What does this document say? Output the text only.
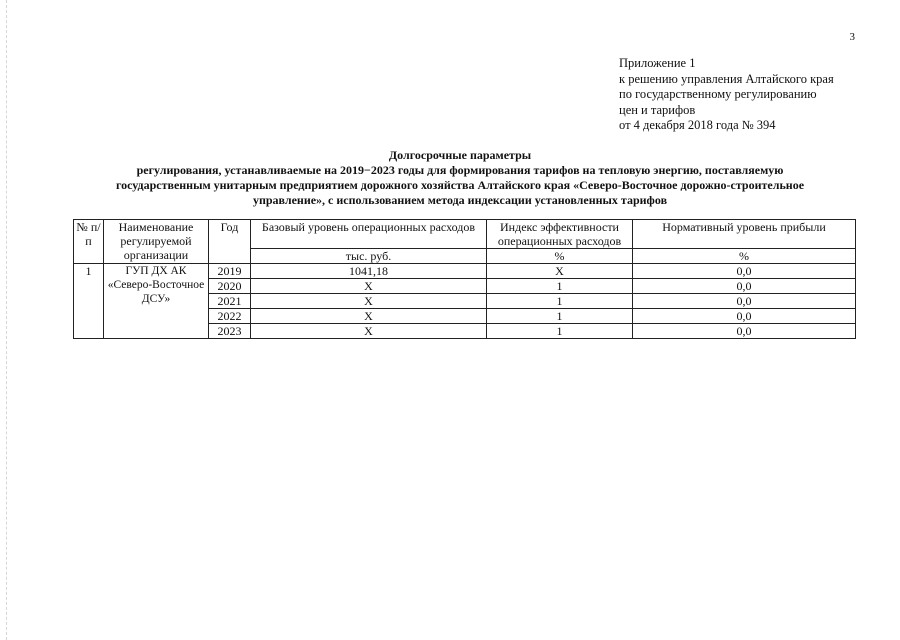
3
Приложение 1
к решению управления Алтайского края
по государственному регулированию
цен и тарифов
от 4 декабря 2018 года № 394
Долгосрочные параметры
регулирования, устанавливаемые на 2019−2023 годы для формирования тарифов на тепловую энергию, поставляемую
государственным унитарным предприятием дорожного хозяйства Алтайского края «Северо-Восточное дорожно-строительное
управление», с использованием метода индексации установленных тарифов
№ п/п	Наименование регулируемой организации	Год	Базовый уровень операционных расходов	Индекс эффективности операционных расходов	Нормативный уровень прибыли
			тыс. руб.	%	%
1	ГУП ДХ АК «Северо-Восточное ДСУ»	2019	1041,18	X	0,0
		2020	X	1	0,0
		2021	X	1	0,0
		2022	X	1	0,0
		2023	X	1	0,0
